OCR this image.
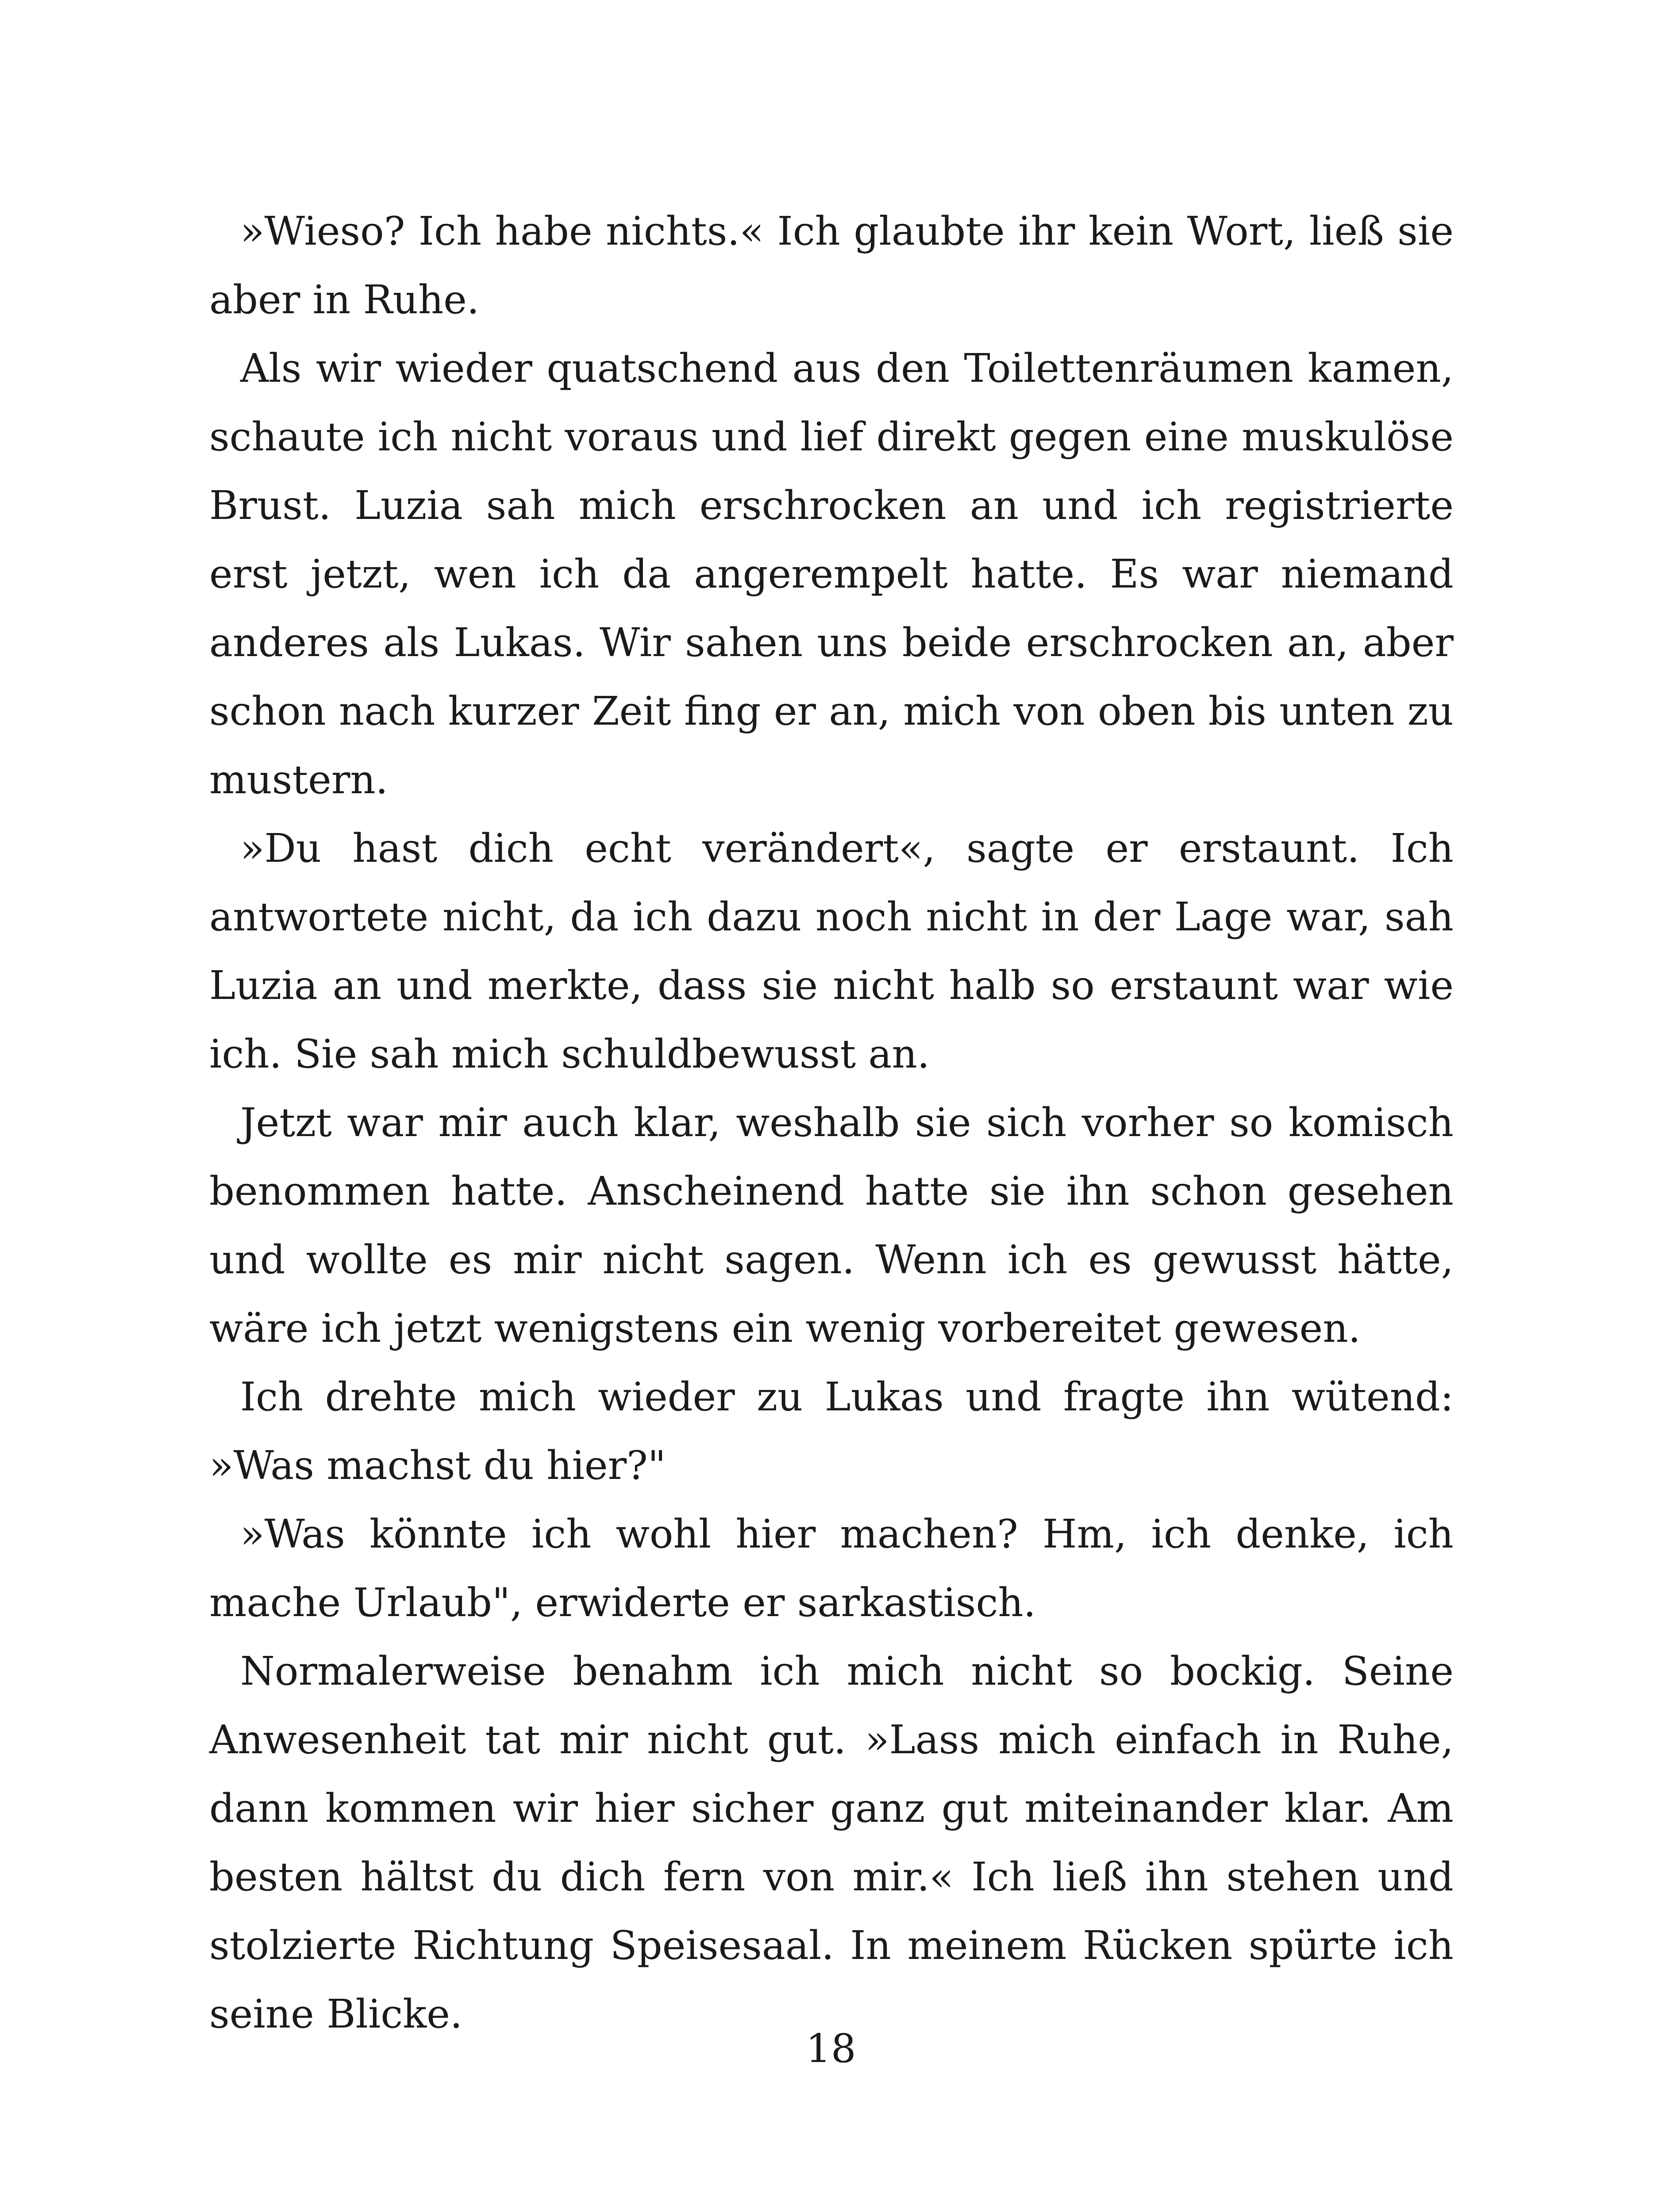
»Wieso? Ich habe nichts.« Ich glaubte ihr kein Wort, ließ sie aber in Ruhe.

Als wir wieder quatschend aus den Toilettenräumen kamen, schaute ich nicht voraus und lief direkt gegen eine muskulöse Brust. Luzia sah mich erschrocken an und ich registrierte erst jetzt, wen ich da angerempelt hatte. Es war niemand anderes als Lukas. Wir sahen uns beide erschrocken an, aber schon nach kurzer Zeit fing er an, mich von oben bis unten zu mustern.

»Du hast dich echt verändert«, sagte er erstaunt. Ich antwortete nicht, da ich dazu noch nicht in der Lage war, sah Luzia an und merkte, dass sie nicht halb so erstaunt war wie ich. Sie sah mich schuldbewusst an.

Jetzt war mir auch klar, weshalb sie sich vorher so komisch benommen hatte. Anscheinend hatte sie ihn schon gesehen und wollte es mir nicht sagen. Wenn ich es gewusst hätte, wäre ich jetzt wenigstens ein wenig vorbereitet gewesen.

Ich drehte mich wieder zu Lukas und fragte ihn wütend: »Was machst du hier?"

»Was könnte ich wohl hier machen? Hm, ich denke, ich mache Urlaub", erwiderte er sarkastisch.

Normalerweise benahm ich mich nicht so bockig. Seine Anwesenheit tat mir nicht gut. »Lass mich einfach in Ruhe, dann kommen wir hier sicher ganz gut miteinander klar. Am besten hältst du dich fern von mir.« Ich ließ ihn stehen und stolzierte Richtung Speisesaal. In meinem Rücken spürte ich seine Blicke.

18
